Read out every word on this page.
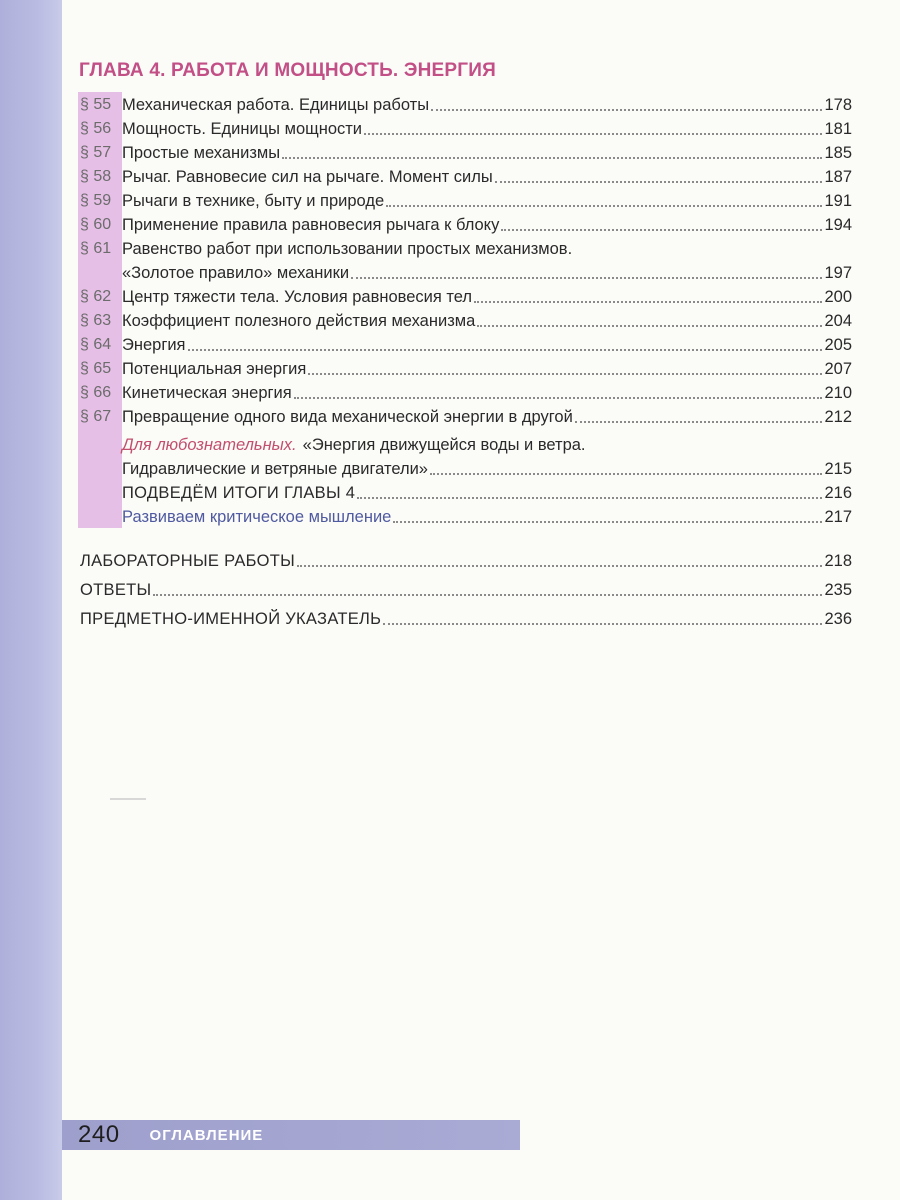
ГЛАВА 4. РАБОТА И МОЩНОСТЬ. ЭНЕРГИЯ
§ 55 Механическая работа. Единицы работы	178
§ 56 Мощность. Единицы мощности	181
§ 57 Простые механизмы	185
§ 58 Рычаг. Равновесие сил на рычаге. Момент силы	187
§ 59 Рычаги в технике, быту и природе	191
§ 60 Применение правила равновесия рычага к блоку	194
§ 61 Равенство работ при использовании простых механизмов.
«Золотое правило» механики	197
§ 62 Центр тяжести тела. Условия равновесия тел	200
§ 63 Коэффициент полезного действия механизма	204
§ 64 Энергия	205
§ 65 Потенциальная энергия	207
§ 66 Кинетическая энергия	210
§ 67 Превращение одного вида механической энергии в другой	212
Для любознательных. «Энергия движущейся воды и ветра.
Гидравлические и ветряные двигатели»	215
ПОДВЕДЁМ ИТОГИ ГЛАВЫ 4	216
Развиваем критическое мышление	217
ЛАБОРАТОРНЫЕ РАБОТЫ	218
ОТВЕТЫ	235
ПРЕДМЕТНО-ИМЕННОЙ УКАЗАТЕЛЬ	236
240 ОГЛАВЛЕНИЕ
